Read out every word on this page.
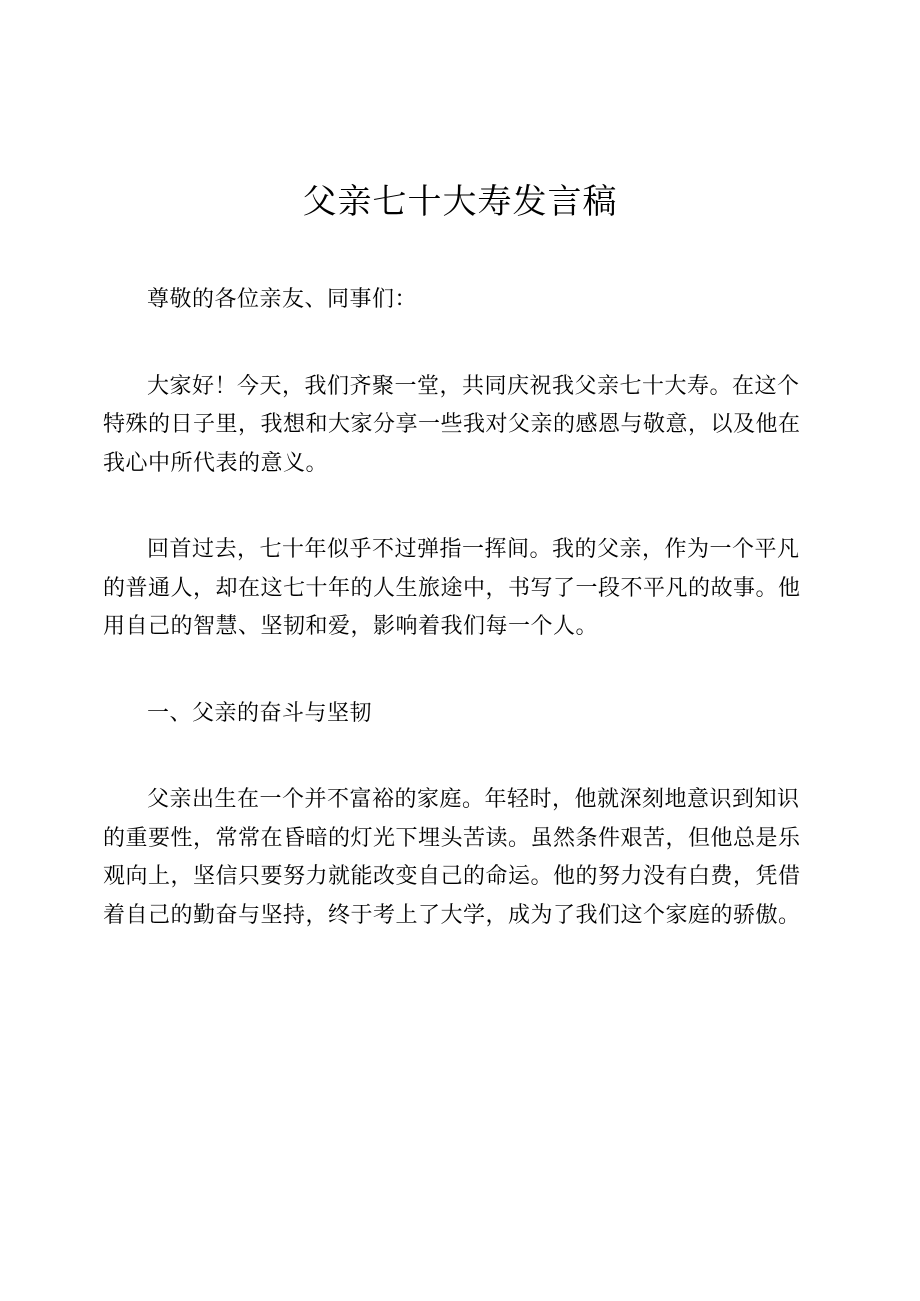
父亲七十大寿发言稿

尊敬的各位亲友、同事们：

大家好！今天，我们齐聚一堂，共同庆祝我父亲七十大寿。在这个特殊的日子里，我想和大家分享一些我对父亲的感恩与敬意，以及他在我心中所代表的意义。

回首过去，七十年似乎不过弹指一挥间。我的父亲，作为一个平凡的普通人，却在这七十年的人生旅途中，书写了一段不平凡的故事。他用自己的智慧、坚韧和爱，影响着我们每一个人。

一、父亲的奋斗与坚韧

父亲出生在一个并不富裕的家庭。年轻时，他就深刻地意识到知识的重要性，常常在昏暗的灯光下埋头苦读。虽然条件艰苦，但他总是乐观向上，坚信只要努力就能改变自己的命运。他的努力没有白费，凭借着自己的勤奋与坚持，终于考上了大学，成为了我们这个家庭的骄傲。
